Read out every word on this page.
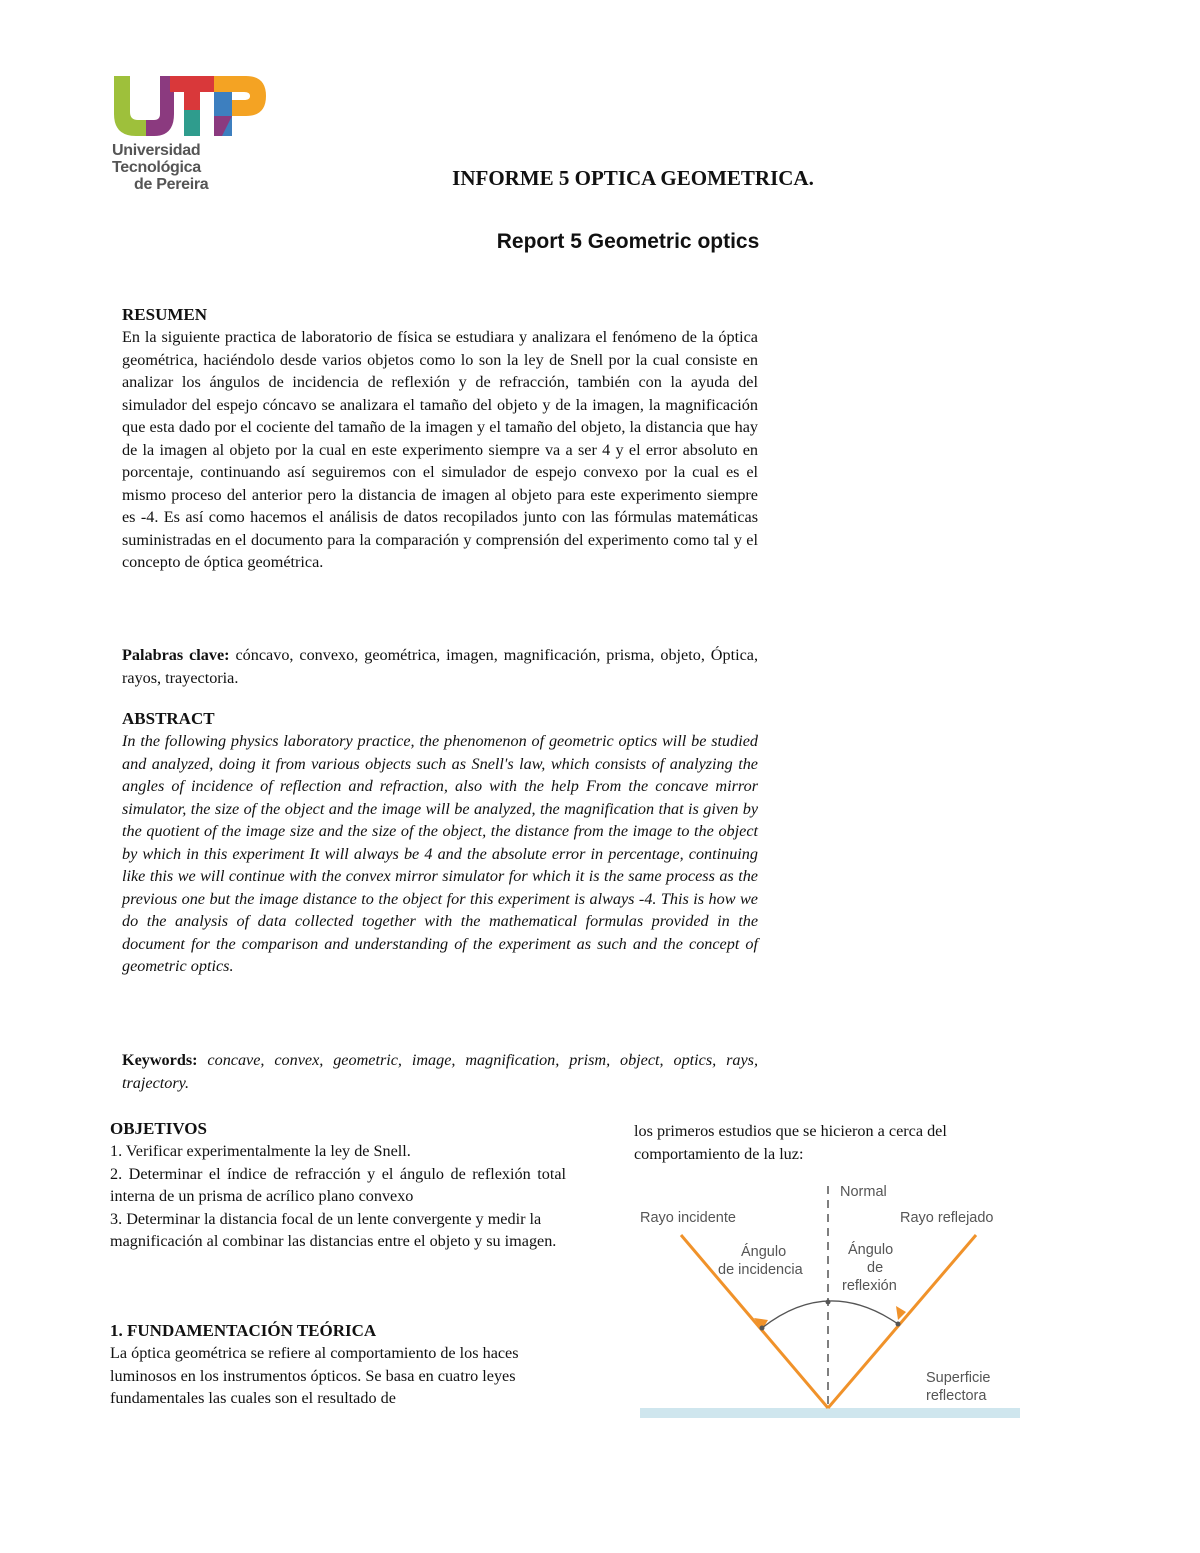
Universidad Tecnológica
de Pereira	INFORME 5 OPTICA GEOMETRICA.
Report 5 Geometric optics
RESUMEN

En la siguiente practica de laboratorio de física se estudiara y analizara el fenómeno de la óptica geométrica, haciéndolo desde varios objetos como lo son la ley de Snell por la cual consiste en analizar los ángulos de incidencia de reflexión y de refracción, también con la ayuda del simulador del espejo cóncavo se analizara el tamaño del objeto y de la imagen, la magnificación que esta dado por el cociente del tamaño de la imagen y el tamaño del objeto, la distancia que hay de la imagen al objeto por la cual en este experimento siempre va a ser 4 y el error absoluto en porcentaje, continuando así seguiremos con el simulador de espejo convexo por la cual es el mismo proceso del anterior pero la distancia de imagen al objeto para este experimento siempre es -4. Es así como hacemos el análisis de datos recopilados junto con las fórmulas matemáticas suministradas en el documento para la comparación y comprensión del experimento como tal y el concepto de óptica geométrica.

Palabras clave: cóncavo, convexo, geométrica, imagen, magnificación, prisma, objeto, Óptica, rayos, trayectoria.

ABSTRACT

In the following physics laboratory practice, the phenomenon of geometric optics will be studied and analyzed, doing it from various objects such as Snell's law, which consists of analyzing the angles of incidence of reflection and refraction, also with the help From the concave mirror simulator, the size of the object and the image will be analyzed, the magnification that is given by the quotient of the image size and the size of the object, the distance from the image to the object by which in this experiment It will always be 4 and the absolute error in percentage, continuing like this we will continue with the convex mirror simulator for which it is the same process as the previous one but the image distance to the object for this experiment is always -4. This is how we do the analysis of data collected together with the mathematical formulas provided in the document for the comparison and understanding of the experiment as such and the concept of geometric optics.

Keywords: concave, convex, geometric, image, magnification, prism, object, optics, rays, trajectory.

OBJETIVOS

1. Verificar experimentalmente la ley de Snell.

2. Determinar el índice de refracción y el ángulo de reflexión total interna de un prisma de acrílico plano convexo

3. Determinar la distancia focal de un lente convergente y medir la magnificación al combinar las distancias entre el objeto y su imagen.

1. FUNDAMENTACIÓN TEÓRICA

La óptica geométrica se refiere al comportamiento de los haces luminosos en los instrumentos ópticos. Se basa en cuatro leyes fundamentales las cuales son el resultado de

los primeros estudios que se hicieron a cerca del comportamiento de la luz:

Normal
Rayo incidente	Rayo reflejado
Ángulo
de incidencia
Ángulo
de
reflexión
Superficie
reflectora
